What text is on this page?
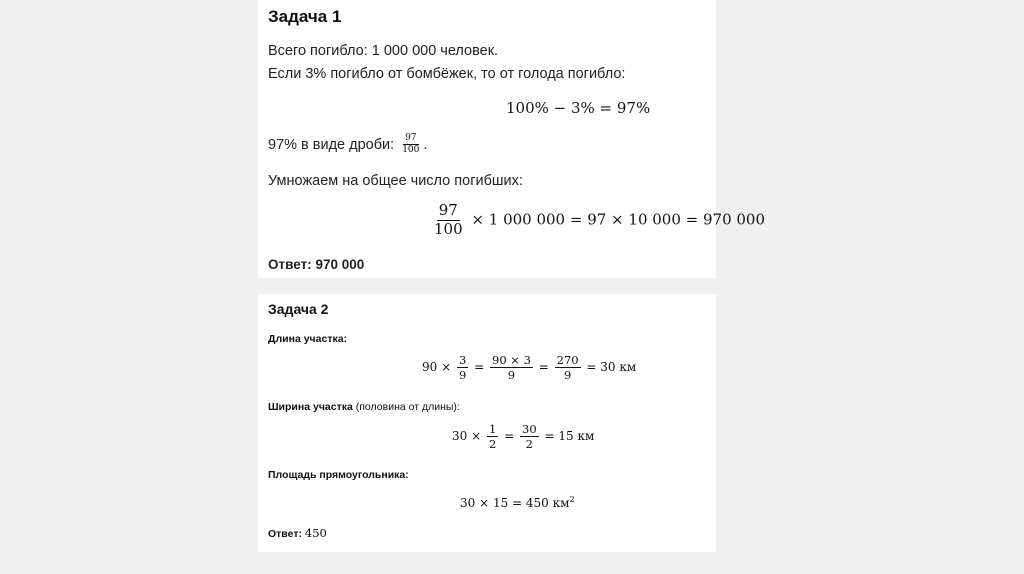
Задача 1
Всего погибло: 1 000 000 человек.
Если 3% погибло от бомбёжек, то от голода погибло:
100% − 3% = 97%
97% в виде дроби: $\frac{97}{100}$ .
Умножаем на общее число погибших:
$\frac{97}{100} \times 1$ 000 000 = 97 × 10 000 = 970 000
Ответ: 970 000
Задача 2
Длина участка:
$90 \times \frac{3}{9} = \frac{90 \times 3}{9} = \frac{270}{9} = 30$ км
Ширина участка (половина от длины):
$30 \times \frac{1}{2} = \frac{30}{2} = 15$ км
Площадь прямоугольника:
30 × 15 = 450 $км^2$
Ответ: 450
